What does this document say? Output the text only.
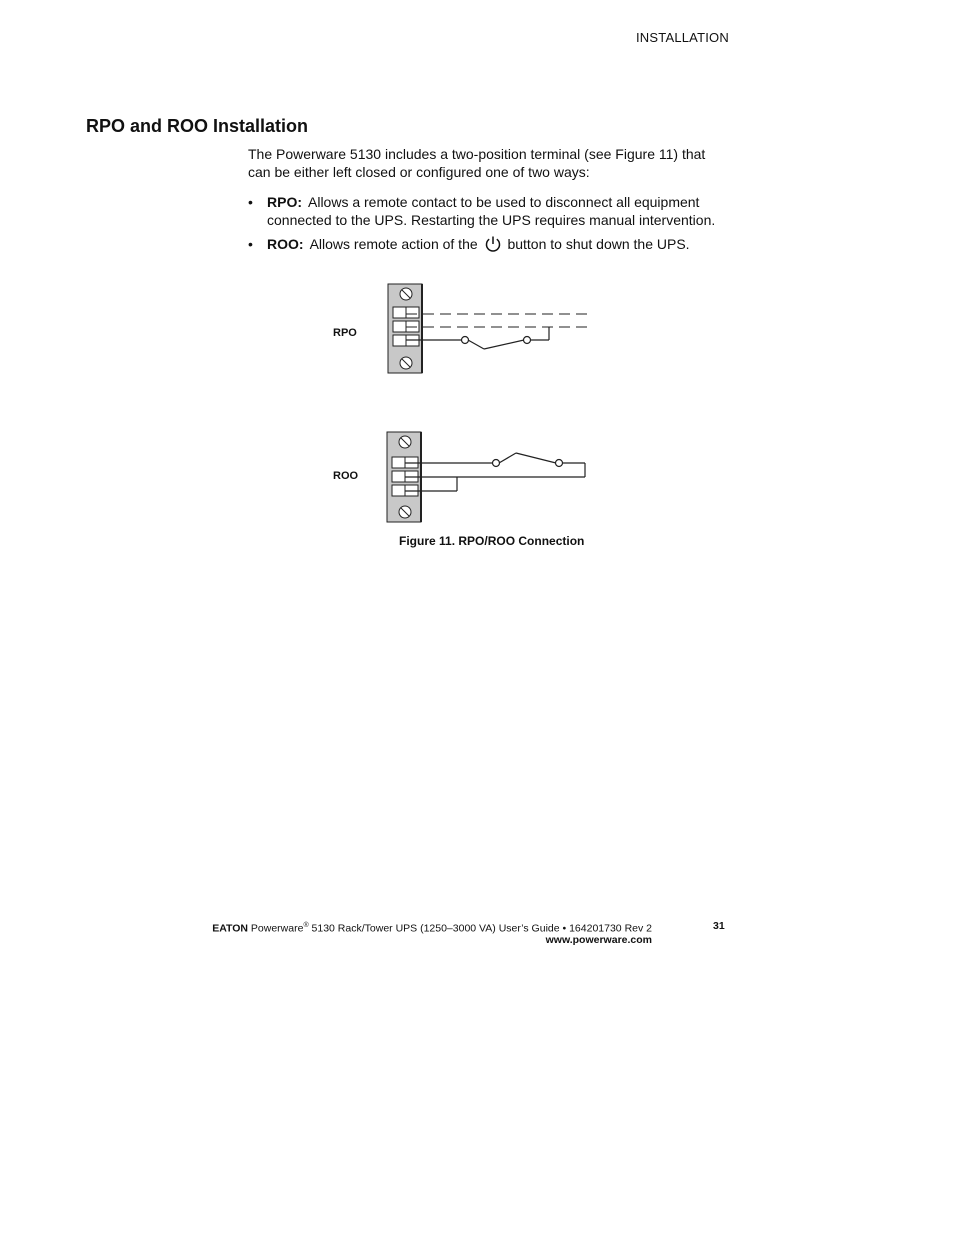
INSTALLATION
RPO and ROO Installation

The Powerware 5130 includes a two-position terminal (see Figure 11) that can be either left closed or configured one of two ways:

• RPO: Allows a remote contact to be used to disconnect all equipment connected to the UPS. Restarting the UPS requires manual intervention.
• ROO: Allows remote action of the button to shut down the UPS.
RPO
ROO
Figure 11. RPO/ROO Connection
EATON Powerware® 5130 Rack/Tower UPS (1250–3000 VA) User’s Guide • 164201730 Rev 2
www.powerware.com
31
